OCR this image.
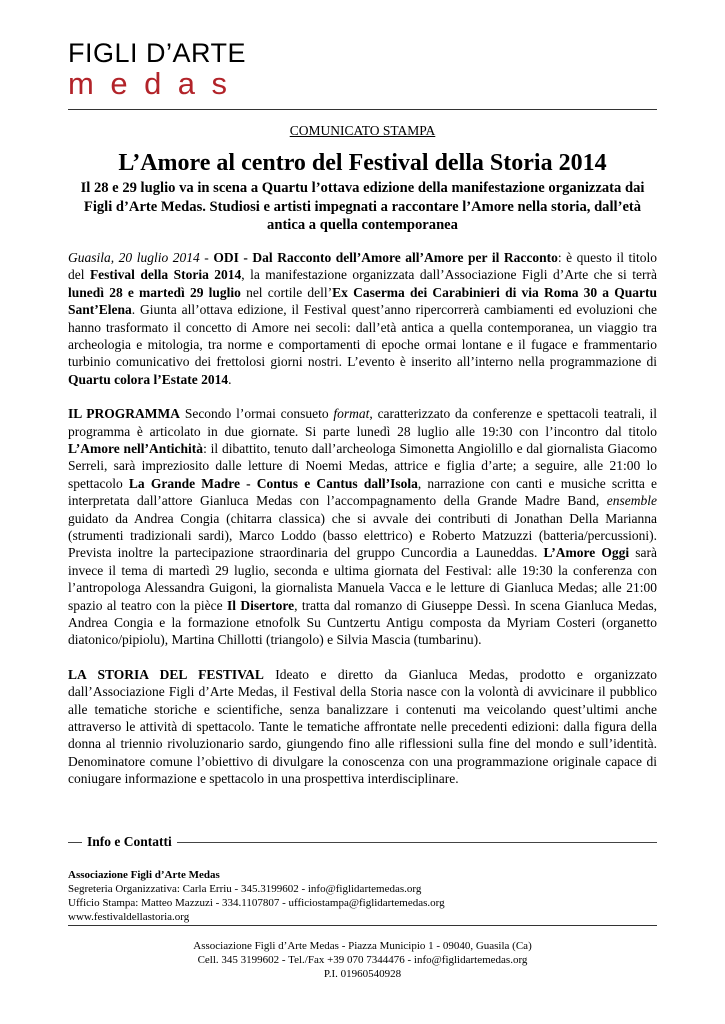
FIGLI D’ARTE
medas
COMUNICATO STAMPA
L’Amore al centro del Festival della Storia 2014
Il 28 e 29 luglio va in scena a Quartu l’ottava edizione della manifestazione organizzata dai Figli d’Arte Medas. Studiosi e artisti impegnati a raccontare l’Amore nella storia, dall’età antica a quella contemporanea

Guasila, 20 luglio 2014 - ODI - Dal Racconto dell’Amore all’Amore per il Racconto: è questo il titolo del Festival della Storia 2014, la manifestazione organizzata dall’Associazione Figli d’Arte che si terrà lunedì 28 e martedì 29 luglio nel cortile dell’Ex Caserma dei Carabinieri di via Roma 30 a Quartu Sant’Elena. Giunta all’ottava edizione, il Festival quest’anno ripercorrerà cambiamenti ed evoluzioni che hanno trasformato il concetto di Amore nei secoli: dall’età antica a quella contemporanea, un viaggio tra archeologia e mitologia, tra norme e comportamenti di epoche ormai lontane e il fugace e frammentario turbinio comunicativo dei frettolosi giorni nostri. L’evento è inserito all’interno nella programmazione di Quartu colora l’Estate 2014.

IL PROGRAMMA Secondo l’ormai consueto format, caratterizzato da conferenze e spettacoli teatrali, il programma è articolato in due giornate. Si parte lunedì 28 luglio alle 19:30 con l’incontro dal titolo L’Amore nell’Antichità: il dibattito, tenuto dall’archeologa Simonetta Angiolillo e dal giornalista Giacomo Serreli, sarà impreziosito dalle letture di Noemi Medas, attrice e figlia d’arte; a seguire, alle 21:00 lo spettacolo La Grande Madre - Contus e Cantus dall’Isola, narrazione con canti e musiche scritta e interpretata dall’attore Gianluca Medas con l’accompagnamento della Grande Madre Band, ensemble guidato da Andrea Congia (chitarra classica) che si avvale dei contributi di Jonathan Della Marianna (strumenti tradizionali sardi), Marco Loddo (basso elettrico) e Roberto Matzuzzi (batteria/percussioni). Prevista inoltre la partecipazione straordinaria del gruppo Cuncordia a Launeddas. L’Amore Oggi sarà invece il tema di martedì 29 luglio, seconda e ultima giornata del Festival: alle 19:30 la conferenza con l’antropologa Alessandra Guigoni, la giornalista Manuela Vacca e le letture di Gianluca Medas; alle 21:00 spazio al teatro con la pièce Il Disertore, tratta dal romanzo di Giuseppe Dessì. In scena Gianluca Medas, Andrea Congia e la formazione etnofolk Su Cuntzertu Antigu composta da Myriam Costeri (organetto diatonico/pipiolu), Martina Chillotti (triangolo) e Silvia Mascia (tumbarinu).

LA STORIA DEL FESTIVAL Ideato e diretto da Gianluca Medas, prodotto e organizzato dall’Associazione Figli d’Arte Medas, il Festival della Storia nasce con la volontà di avvicinare il pubblico alle tematiche storiche e scientifiche, senza banalizzare i contenuti ma veicolando quest’ultimi anche attraverso le attività di spettacolo. Tante le tematiche affrontate nelle precedenti edizioni: dalla figura della donna al triennio rivoluzionario sardo, giungendo fino alle riflessioni sulla fine del mondo e sull’identità. Denominatore comune l’obiettivo di divulgare la conoscenza con una programmazione originale capace di coniugare informazione e spettacolo in una prospettiva interdisciplinare.

Info e Contatti
Associazione Figli d’Arte Medas
Segreteria Organizzativa: Carla Erriu - 345.3199602 - info@figlidartemedas.org
Ufficio Stampa: Matteo Mazzuzi - 334.1107807 - ufficiostampa@figlidartemedas.org
www.festivaldellastoria.org
Associazione Figli d’Arte Medas - Piazza Municipio 1 - 09040, Guasila (Ca)
Cell. 345 3199602 - Tel./Fax +39 070 7344476 - info@figlidartemedas.org
P.I. 01960540928
